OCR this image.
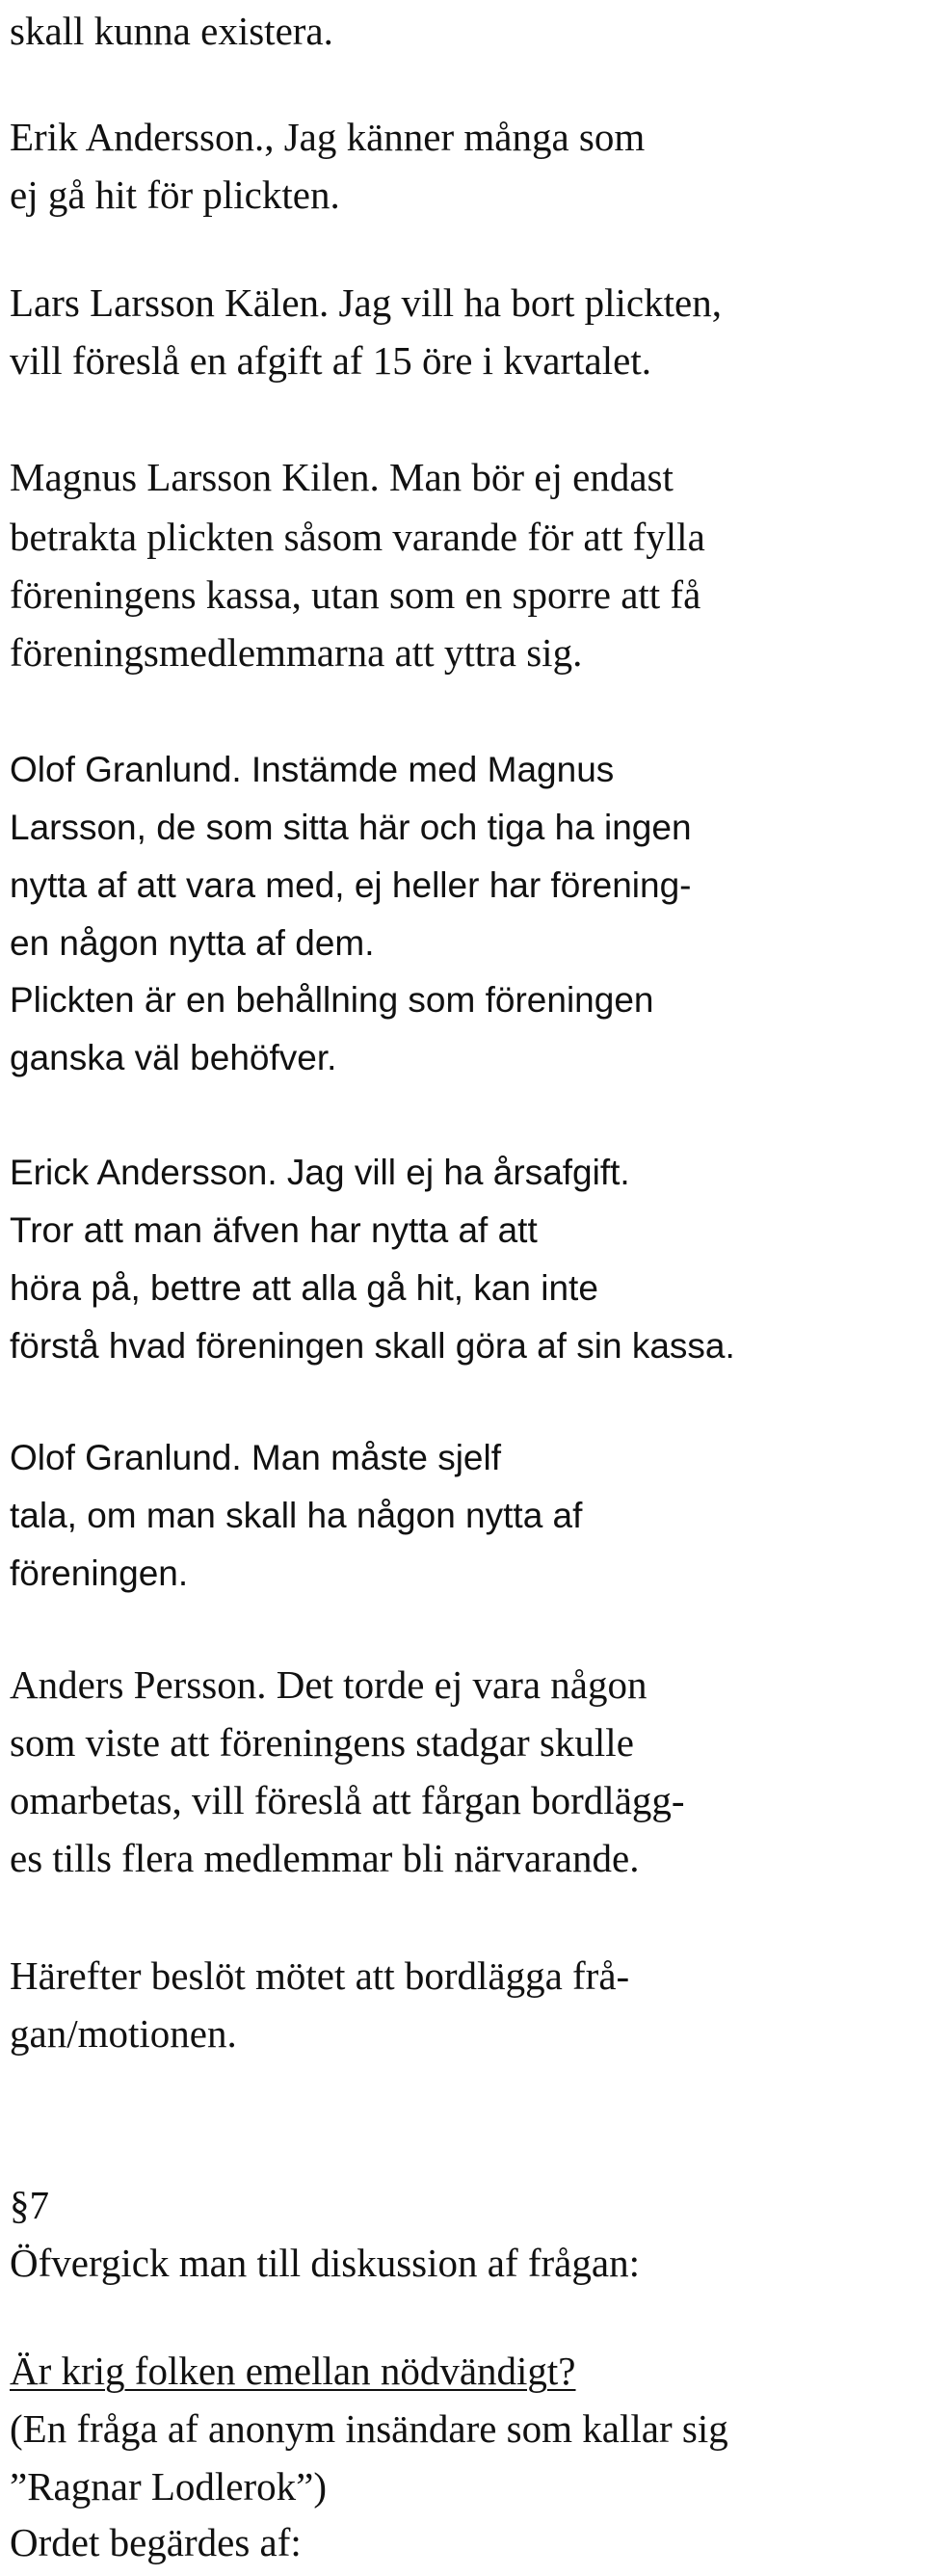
skall kunna existera.
Erik Andersson., Jag känner många som
ej gå hit för plickten.
Lars Larsson Kälen. Jag vill ha bort plickten,
vill föreslå en afgift af 15 öre i kvartalet.
Magnus Larsson Kilen. Man bör ej endast
betrakta plickten såsom varande för att fylla
föreningens kassa, utan som en sporre att få
föreningsmedlemmarna att yttra sig.
Olof Granlund. Instämde med Magnus
Larsson, de som sitta här och tiga ha ingen
nytta af att vara med, ej heller har förening-
en någon nytta af dem.
Plickten är en behållning som föreningen
ganska väl behöfver.
Erick Andersson. Jag vill ej ha årsafgift.
Tror att man äfven har nytta af att
höra på, bettre att alla gå hit, kan inte
förstå hvad föreningen skall göra af sin kassa.
Olof Granlund. Man måste sjelf
tala, om man skall ha någon nytta af
föreningen.
Anders Persson. Det torde ej vara någon
som viste att föreningens stadgar skulle
omarbetas, vill föreslå att fårgan bordlägg-
es tills flera medlemmar bli närvarande.
Härefter beslöt mötet att bordlägga frå-
gan/motionen.
§7
Öfvergick man till diskussion af frågan:
Är krig folken emellan nödvändigt?
(En fråga af anonym insändare som kallar sig
”Ragnar Lodlerok”)
Ordet begärdes af:
